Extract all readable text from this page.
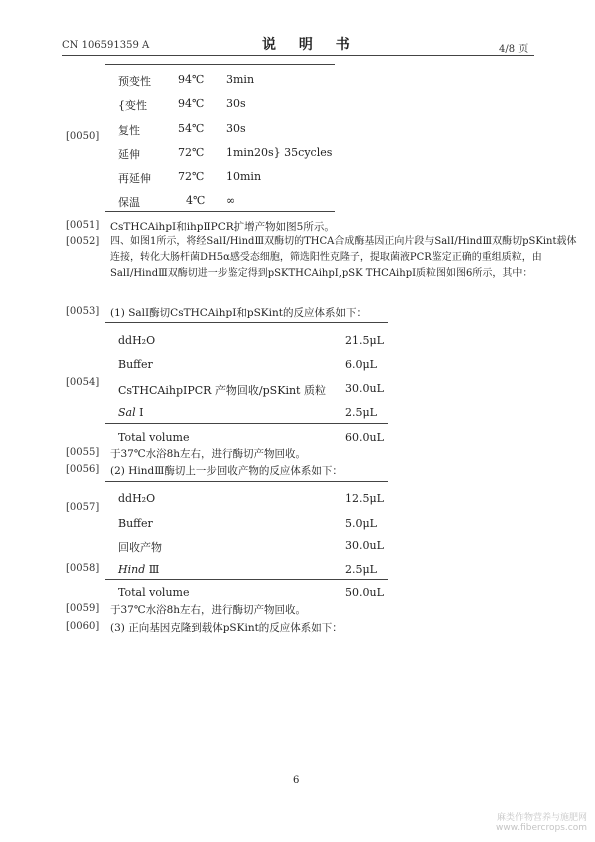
CN 106591359 A	说 明 书	4/8 页
预变性 94℃ 3min
{变性	94℃ 30s
复性	54℃ 30s
[0050]
延伸	72℃ 1min20s} 35cycles
再延伸 72℃ 10min
保温	4℃ ∞
[0051] CsTHCAihpⅠ和ihpⅡPCR扩增产物如图5所示。
[0052] 四、如图1所示，将经SalⅠ/HindⅢ双酶切的THCA合成酶基因正向片段与SalⅠ/HindⅢ双酶切pSKint载体连接，转化大肠杆菌DH5α感受态细胞，筛选阳性克隆子，提取菌液PCR鉴定正确的重组质粒，由SalⅠ/HindⅢ双酶切进一步鉴定得到pSKTHCAihpⅠ,pSK THCAihpⅠ质粒图如图6所示，其中：
[0053] (1) SalⅠ酶切CsTHCAihpⅠ和pSKint的反应体系如下：
ddH₂O	21.5μL
Buffer	6.0μL
[0054]
CsTHCAihpⅠPCR 产物回收/pSKint 质粒 30.0uL
Sal Ⅰ	2.5μL
Total volume	60.0uL
[0055] 于37℃水浴8h左右，进行酶切产物回收。
[0056] (2) HindⅢ酶切上一步回收产物的反应体系如下：
ddH₂O	12.5μL
[0057]
Buffer	5.0μL
回收产物	30.0uL
[0058] Hind Ⅲ	2.5μL
Total volume	50.0uL
[0059] 于37℃水浴8h左右，进行酶切产物回收。
[0060] (3) 正向基因克隆到载体pSKint的反应体系如下：
6
麻类作物营养与施肥网
www.fibercrops.com
